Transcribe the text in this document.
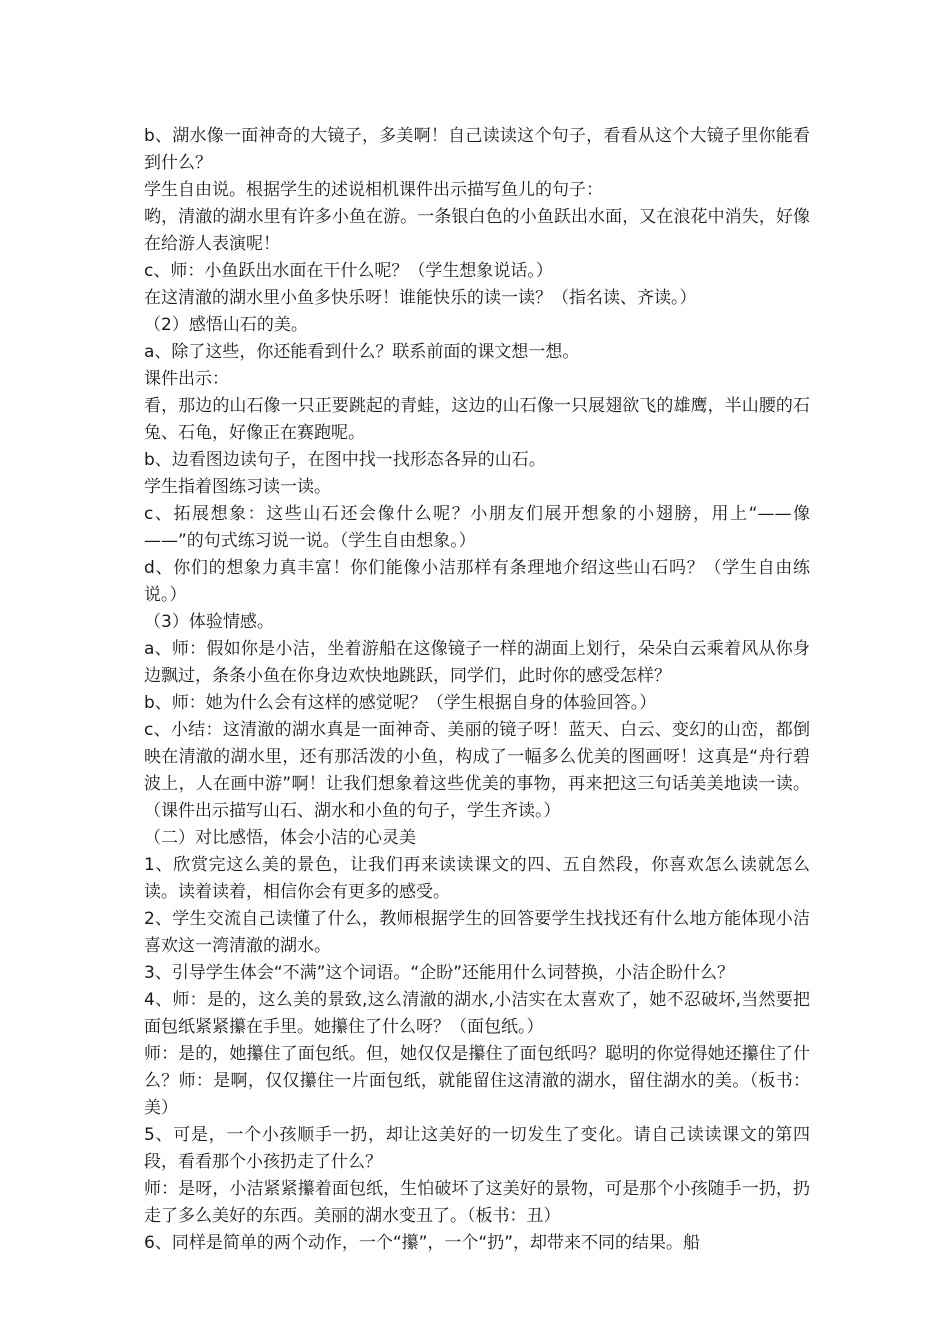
b、湖水像一面神奇的大镜子，多美啊！自己读读这个句子，看看从这个大镜子里你能看到什么？

学生自由说。根据学生的述说相机课件出示描写鱼儿的句子：

哟，清澈的湖水里有许多小鱼在游。一条银白色的小鱼跃出水面，又在浪花中消失，好像在给游人表演呢！

c、师：小鱼跃出水面在干什么呢？（学生想象说话。）

在这清澈的湖水里小鱼多快乐呀！谁能快乐的读一读？（指名读、齐读。）

（2）感悟山石的美。

a、除了这些，你还能看到什么？联系前面的课文想一想。

课件出示：

看，那边的山石像一只正要跳起的青蛙，这边的山石像一只展翅欲飞的雄鹰，半山腰的石兔、石龟，好像正在赛跑呢。

b、边看图边读句子，在图中找一找形态各异的山石。

学生指着图练习读一读。

c、拓展想象：这些山石还会像什么呢？小朋友们展开想象的小翅膀，用上“——像——”的句式练习说一说。（学生自由想象。）

d、你们的想象力真丰富！你们能像小洁那样有条理地介绍这些山石吗？（学生自由练说。）

（3）体验情感。

a、师：假如你是小洁，坐着游船在这像镜子一样的湖面上划行，朵朵白云乘着风从你身边飘过，条条小鱼在你身边欢快地跳跃，同学们，此时你的感受怎样？

b、师：她为什么会有这样的感觉呢？（学生根据自身的体验回答。）

c、小结：这清澈的湖水真是一面神奇、美丽的镜子呀！蓝天、白云、变幻的山峦，都倒映在清澈的湖水里，还有那活泼的小鱼，构成了一幅多么优美的图画呀！这真是“舟行碧波上，人在画中游”啊！让我们想象着这些优美的事物，再来把这三句话美美地读一读。（课件出示描写山石、湖水和小鱼的句子，学生齐读。）

（二）对比感悟，体会小洁的心灵美

1、欣赏完这么美的景色，让我们再来读读课文的四、五自然段，你喜欢怎么读就怎么读。读着读着，相信你会有更多的感受。

2、学生交流自己读懂了什么，教师根据学生的回答要学生找找还有什么地方能体现小洁喜欢这一湾清澈的湖水。

3、引导学生体会“不满”这个词语。“企盼”还能用什么词替换，小洁企盼什么？

4、师：是的，这么美的景致,这么清澈的湖水,小洁实在太喜欢了，她不忍破坏,当然要把面包纸紧紧攥在手里。她攥住了什么呀？（面包纸。）

师：是的，她攥住了面包纸。但，她仅仅是攥住了面包纸吗？聪明的你觉得她还攥住了什么？师：是啊，仅仅攥住一片面包纸，就能留住这清澈的湖水，留住湖水的美。（板书：美）

5、可是，一个小孩顺手一扔，却让这美好的一切发生了变化。请自己读读课文的第四段，看看那个小孩扔走了什么？

师：是呀，小洁紧紧攥着面包纸，生怕破坏了这美好的景物，可是那个小孩随手一扔，扔走了多么美好的东西。美丽的湖水变丑了。（板书：丑）

6、同样是简单的两个动作，一个“攥”，一个“扔”，却带来不同的结果。船
